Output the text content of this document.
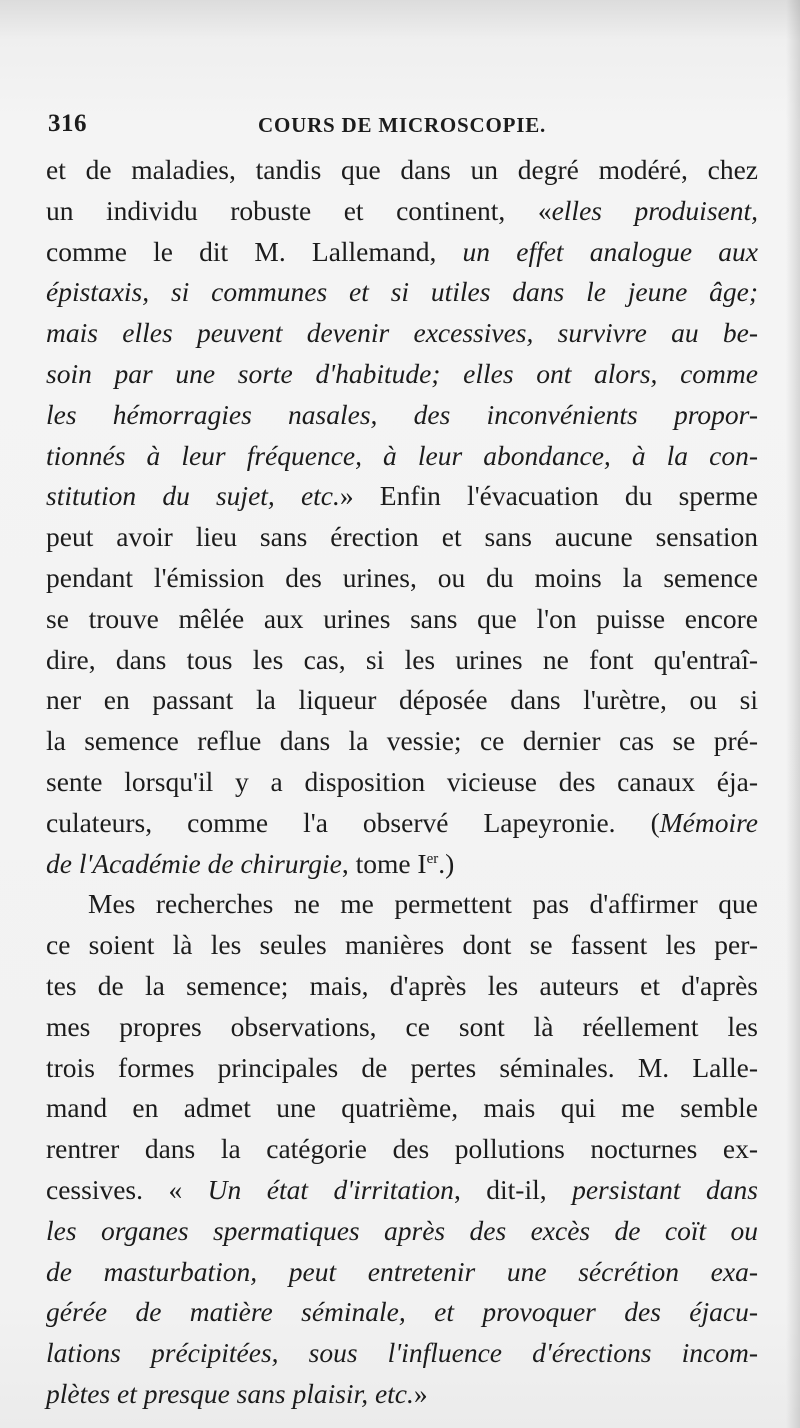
316	COURS DE MICROSCOPIE.
et de maladies, tandis que dans un degré modéré, chez
un individu robuste et continent, «elles produisent,
comme le dit M. Lallemand, un effet analogue aux
épistaxis, si communes et si utiles dans le jeune âge;
mais elles peuvent devenir excessives, survivre au be-
soin par une sorte d'habitude; elles ont alors, comme
les hémorragies nasales, des inconvénients propor-
tionnés à leur fréquence, à leur abondance, à la con-
stitution du sujet, etc.» Enfin l'évacuation du sperme
peut avoir lieu sans érection et sans aucune sensation
pendant l'émission des urines, ou du moins la semence
se trouve mêlée aux urines sans que l'on puisse encore
dire, dans tous les cas, si les urines ne font qu'entraî-
ner en passant la liqueur déposée dans l'urètre, ou si
la semence reflue dans la vessie; ce dernier cas se pré-
sente lorsqu'il y a disposition vicieuse des canaux éja-
culateurs, comme l'a observé Lapeyronie. (Mémoire
de l'Académie de chirurgie, tome Ier.)
Mes recherches ne me permettent pas d'affirmer que
ce soient là les seules manières dont se fassent les per-
tes de la semence; mais, d'après les auteurs et d'après
mes propres observations, ce sont là réellement les
trois formes principales de pertes séminales. M. Lalle-
mand en admet une quatrième, mais qui me semble
rentrer dans la catégorie des pollutions nocturnes ex-
cessives. « Un état d'irritation, dit-il, persistant dans
les organes spermatiques après des excès de coït ou
de masturbation, peut entretenir une sécrétion exa-
gérée de matière séminale, et provoquer des éjacu-
lations précipitées, sous l'influence d'érections incom-
plètes et presque sans plaisir, etc.»
